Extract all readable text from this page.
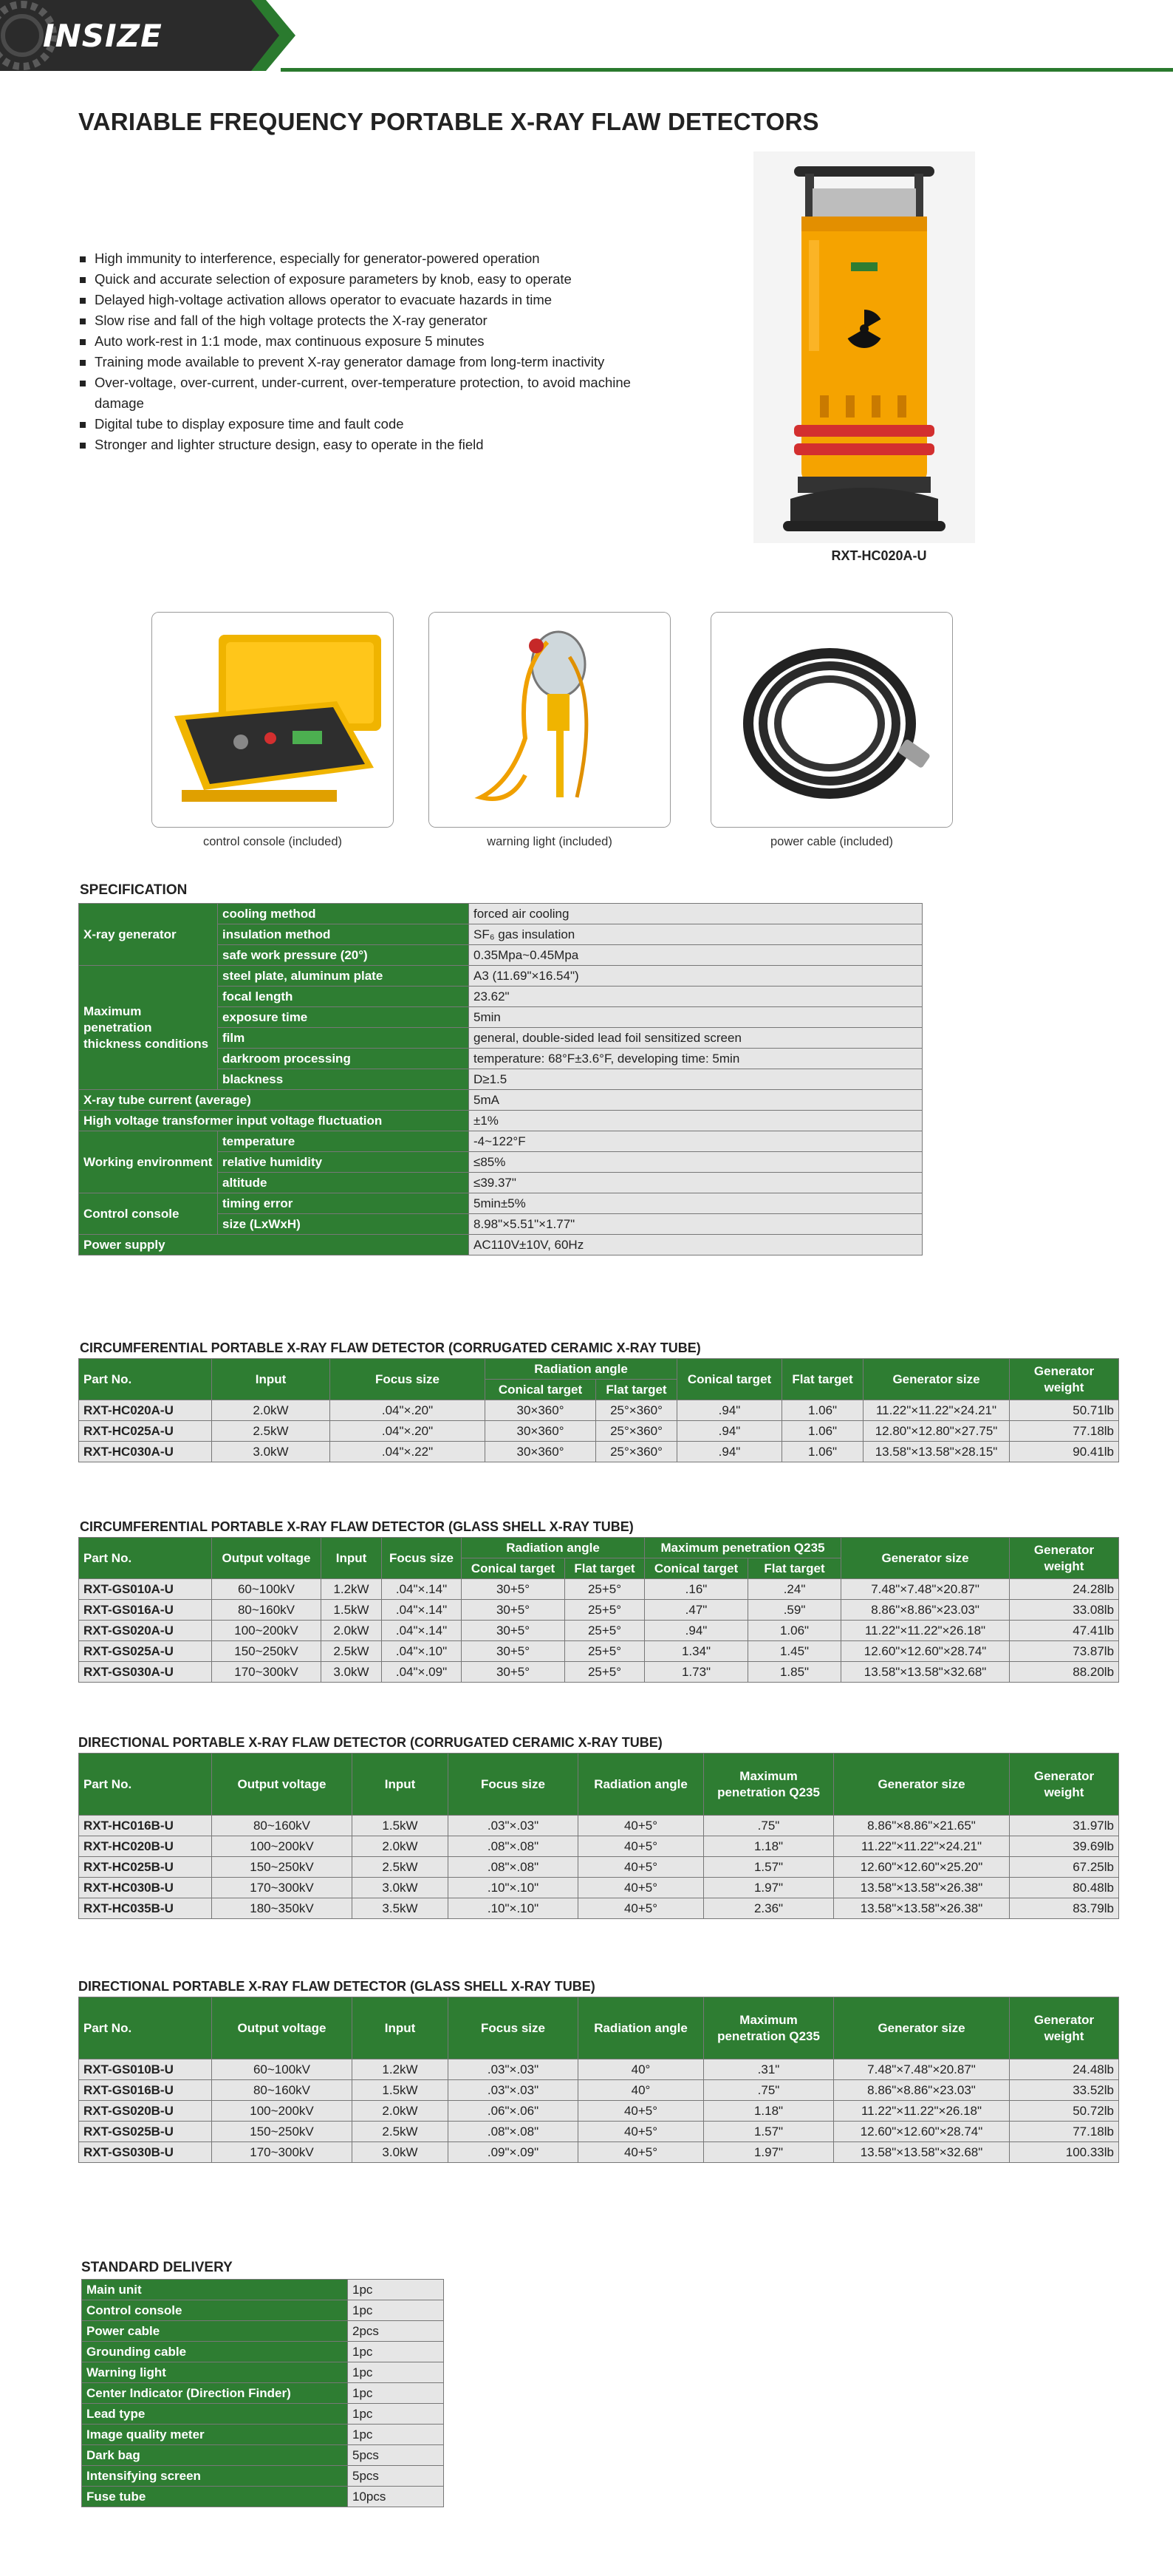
INSIZE
VARIABLE FREQUENCY PORTABLE X-RAY FLAW DETECTORS
High immunity to interference, especially for generator-powered operation
Quick and accurate selection of exposure parameters by knob, easy to operate
Delayed high-voltage activation allows operator to evacuate hazards in time
Slow rise and fall of the high voltage protects the X-ray generator
Auto work-rest in 1:1 mode, max continuous exposure 5 minutes
Training mode available to prevent X-ray generator damage from long-term inactivity
Over-voltage, over-current, under-current, over-temperature protection, to avoid machine damage
Digital tube to display exposure time and fault code
Stronger and lighter structure design, easy to operate in the field
RXT-HC020A-U
control console (included)	warning light (included)	power cable (included)
SPECIFICATION
X-ray generator	cooling method	forced air cooling
	insulation method	SF₆ gas insulation
	safe work pressure (20°)	0.35Mpa~0.45Mpa
Maximum penetration thickness conditions	steel plate, aluminum plate	A3 (11.69"×16.54")
	focal length	23.62"
	exposure time	5min
	film	general, double-sided lead foil sensitized screen
	darkroom processing	temperature: 68°F±3.6°F, developing time: 5min
	blackness	D≥1.5
X-ray tube current (average)		5mA
High voltage transformer input voltage fluctuation		±1%
Working environment	temperature	-4~122°F
	relative humidity	≤85%
	altitude	≤39.37"
Control console	timing error	5min±5%
	size (LxWxH)	8.98"×5.51"×1.77"
Power supply		AC110V±10V, 60Hz
CIRCUMFERENTIAL PORTABLE X-RAY FLAW DETECTOR (CORRUGATED CERAMIC X-RAY TUBE)
Part No.	Input	Focus size	Radiation angle		Conical target	Flat target	Generator size	Generator weight
			Conical target	Flat target				
RXT-HC020A-U	2.0kW	.04"×.20"	30×360°	25°×360°	.94"	1.06"	11.22"×11.22"×24.21"	50.71lb
RXT-HC025A-U	2.5kW	.04"×.20"	30×360°	25°×360°	.94"	1.06"	12.80"×12.80"×27.75"	77.18lb
RXT-HC030A-U	3.0kW	.04"×.22"	30×360°	25°×360°	.94"	1.06"	13.58"×13.58"×28.15"	90.41lb
CIRCUMFERENTIAL PORTABLE X-RAY FLAW DETECTOR (GLASS SHELL X-RAY TUBE)
Part No.	Output voltage	Input	Focus size	Radiation angle		Maximum penetration Q235		Generator size	Generator weight
				Conical target	Flat target	Conical target	Flat target		
RXT-GS010A-U	60~100kV	1.2kW	.04"×.14"	30+5°	25+5°	.16"	.24"	7.48"×7.48"×20.87"	24.28lb
RXT-GS016A-U	80~160kV	1.5kW	.04"×.14"	30+5°	25+5°	.47"	.59"	8.86"×8.86"×23.03"	33.08lb
RXT-GS020A-U	100~200kV	2.0kW	.04"×.14"	30+5°	25+5°	.94"	1.06"	11.22"×11.22"×26.18"	47.41lb
RXT-GS025A-U	150~250kV	2.5kW	.04"×.10"	30+5°	25+5°	1.34"	1.45"	12.60"×12.60"×28.74"	73.87lb
RXT-GS030A-U	170~300kV	3.0kW	.04"×.09"	30+5°	25+5°	1.73"	1.85"	13.58"×13.58"×32.68"	88.20lb
DIRECTIONAL PORTABLE X-RAY FLAW DETECTOR (CORRUGATED CERAMIC X-RAY TUBE)
Part No.	Output voltage	Input	Focus size	Radiation angle	Maximum penetration Q235	Generator size	Generator weight
RXT-HC016B-U	80~160kV	1.5kW	.03"×.03"	40+5°	.75"	8.86"×8.86"×21.65"	31.97lb
RXT-HC020B-U	100~200kV	2.0kW	.08"×.08"	40+5°	1.18"	11.22"×11.22"×24.21"	39.69lb
RXT-HC025B-U	150~250kV	2.5kW	.08"×.08"	40+5°	1.57"	12.60"×12.60"×25.20"	67.25lb
RXT-HC030B-U	170~300kV	3.0kW	.10"×.10"	40+5°	1.97"	13.58"×13.58"×26.38"	80.48lb
RXT-HC035B-U	180~350kV	3.5kW	.10"×.10"	40+5°	2.36"	13.58"×13.58"×26.38"	83.79lb
DIRECTIONAL PORTABLE X-RAY FLAW DETECTOR (GLASS SHELL X-RAY TUBE)
Part No.	Output voltage	Input	Focus size	Radiation angle	Maximum penetration Q235	Generator size	Generator weight
RXT-GS010B-U	60~100kV	1.2kW	.03"×.03"	40°	.31"	7.48"×7.48"×20.87"	24.48lb
RXT-GS016B-U	80~160kV	1.5kW	.03"×.03"	40°	.75"	8.86"×8.86"×23.03"	33.52lb
RXT-GS020B-U	100~200kV	2.0kW	.06"×.06"	40+5°	1.18"	11.22"×11.22"×26.18"	50.72lb
RXT-GS025B-U	150~250kV	2.5kW	.08"×.08"	40+5°	1.57"	12.60"×12.60"×28.74"	77.18lb
RXT-GS030B-U	170~300kV	3.0kW	.09"×.09"	40+5°	1.97"	13.58"×13.58"×32.68"	100.33lb
STANDARD DELIVERY
Main unit	1pc
Control console	1pc
Power cable	2pcs
Grounding cable	1pc
Warning light	1pc
Center Indicator (Direction Finder)	1pc
Lead type	1pc
Image quality meter	1pc
Dark bag	5pcs
Intensifying screen	5pcs
Fuse tube	10pcs
